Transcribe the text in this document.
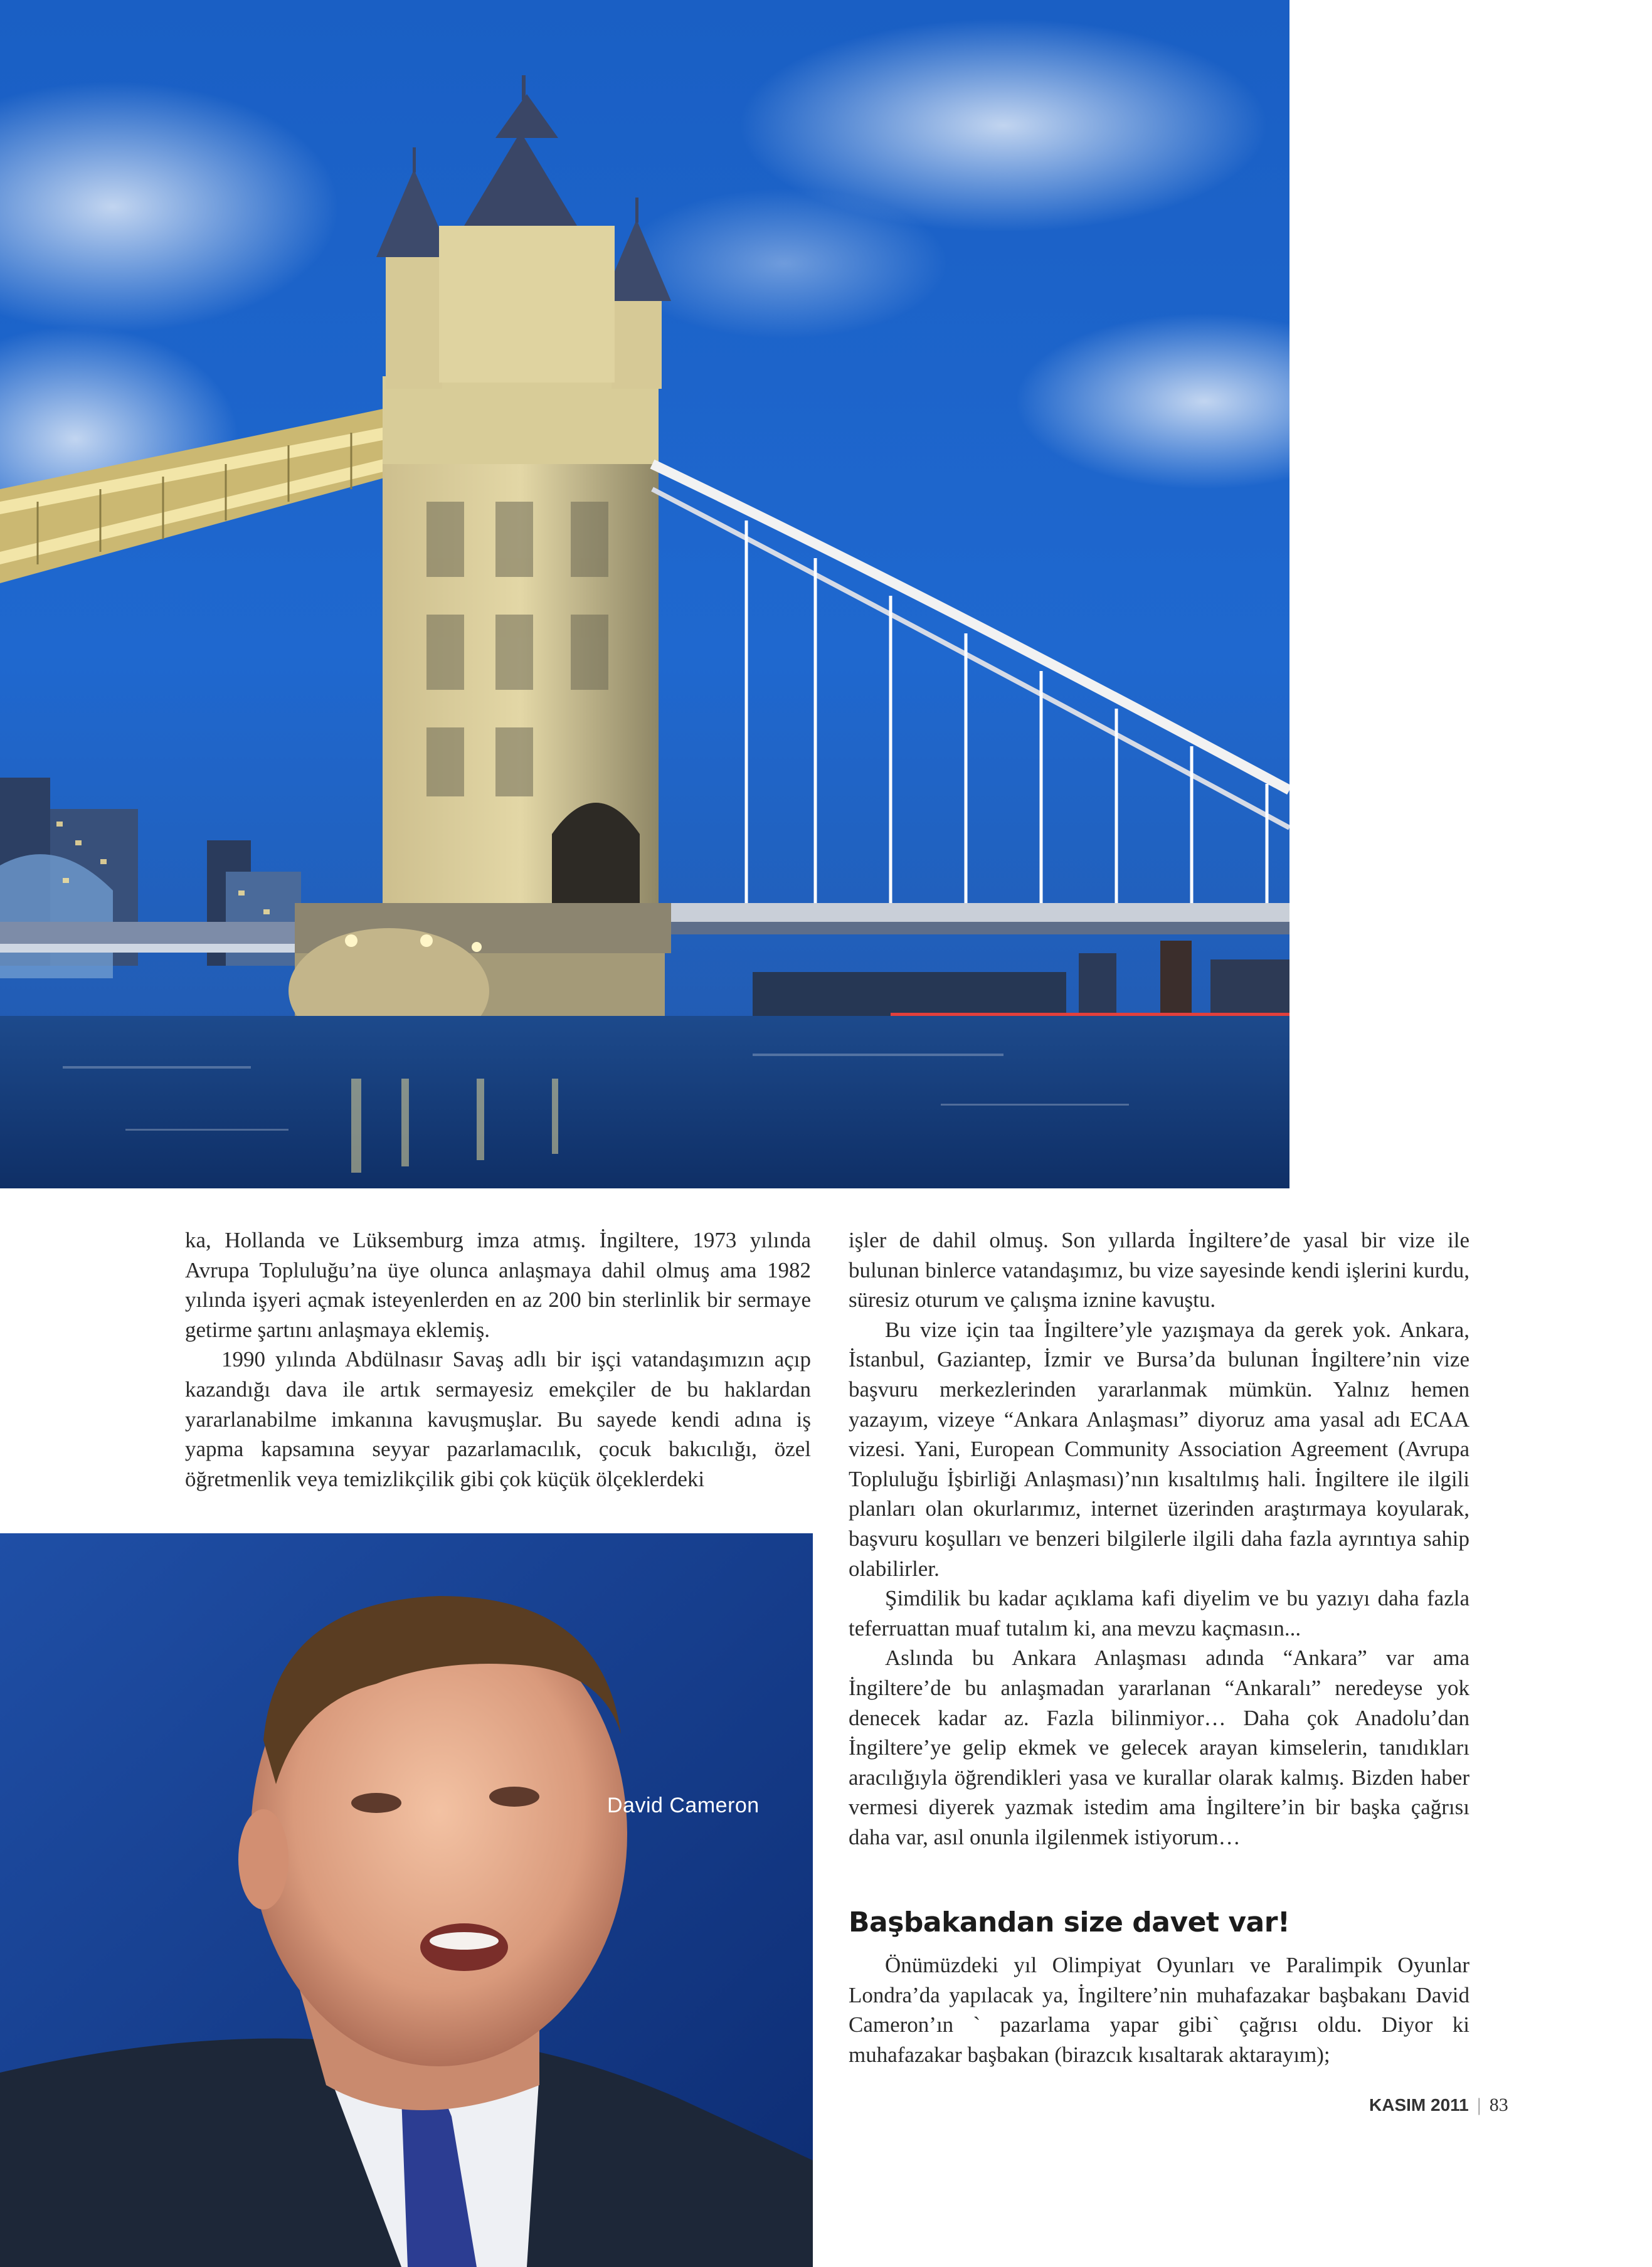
David Cameron

ka, Hollanda ve Lüksemburg imza atmış. İngiltere, 1973 yılında Avrupa Topluluğu’na üye olunca anlaşmaya dahil olmuş ama 1982 yılında işyeri açmak isteyenlerden en az 200 bin sterlinlik bir sermaye getirme şartını anlaşmaya eklemiş.

1990 yılında Abdülnasır Savaş adlı bir işçi vatandaşımızın açıp kazandığı dava ile artık sermayesiz emekçiler de bu haklardan yararlanabilme imkanına kavuşmuşlar. Bu sayede kendi adına iş yapma kapsamına seyyar pazarlamacılık, çocuk bakıcılığı, özel öğretmenlik veya temizlikçilik gibi çok küçük ölçeklerdeki

işler de dahil olmuş. Son yıllarda İngiltere’de yasal bir vize ile bulunan binlerce vatandaşımız, bu vize sayesinde kendi işlerini kurdu, süresiz oturum ve çalışma iznine kavuştu.

Bu vize için taa İngiltere’yle yazışmaya da gerek yok. Ankara, İstanbul, Gaziantep, İzmir ve Bursa’da bulunan İngiltere’nin vize başvuru merkezlerinden yararlanmak mümkün. Yalnız hemen yazayım, vizeye “Ankara Anlaşması” diyoruz ama yasal adı ECAA vizesi. Yani, European Community Association Agreement (Avrupa Topluluğu İşbirliği Anlaşması)’nın kısaltılmış hali. İngiltere ile ilgili planları olan okurlarımız, internet üzerinden araştırmaya koyularak, başvuru koşulları ve benzeri bilgilerle ilgili daha fazla ayrıntıya sahip olabilirler.

Şimdilik bu kadar açıklama kafi diyelim ve bu yazıyı daha fazla teferruattan muaf tutalım ki, ana mevzu kaçmasın...

Aslında bu Ankara Anlaşması adında “Ankara” var ama İngiltere’de bu anlaşmadan yararlanan “Ankaralı” neredeyse yok denecek kadar az. Fazla bilinmiyor… Daha çok Anadolu’dan İngiltere’ye gelip ekmek ve gelecek arayan kimselerin, tanıdıkları aracılığıyla öğrendikleri yasa ve kurallar olarak kalmış. Bizden haber vermesi diyerek yazmak istedim ama İngiltere’in bir başka çağrısı daha var, asıl onunla ilgilenmek istiyorum…

Başbakandan size davet var!

Önümüzdeki yıl Olimpiyat Oyunları ve Paralimpik Oyunlar Londra’da yapılacak ya, İngiltere’nin muhafazakar başbakanı David Cameron’ın ` pazarlama yapar gibi` çağrısı oldu. Diyor ki muhafazakar başbakan (birazcık kısaltarak aktarayım);

KASIM 2011 | 83
